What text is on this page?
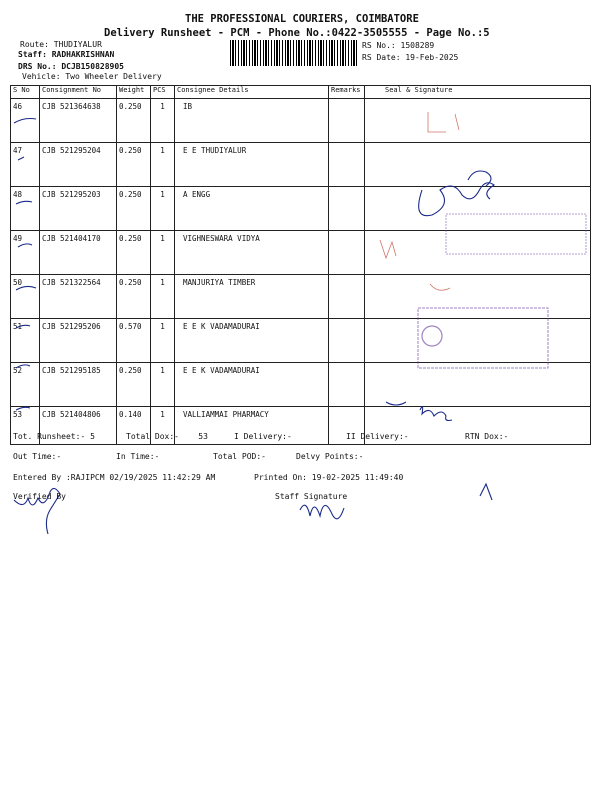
THE PROFESSIONAL COURIERS, COIMBATORE
Delivery Runsheet - PCM - Phone No.:0422-3505555 - Page No.:5
Route: THUDIYALUR
Staff: RADHAKRISHNAN
DRS No.: DCJB150828905
Vehicle: Two Wheeler Delivery
RS No.: 1508289
RS Date: 19-Feb-2025
S No	Consignment No	Weight	PCS	Consignee Details	Remarks	Seal & Signature
46	CJB 521364638	0.250	1	IB		
47	CJB 521295204	0.250	1	E E THUDIYALUR		
48	CJB 521295203	0.250	1	A ENGG		
49	CJB 521404170	0.250	1	VIGHNESWARA VIDYA		
50	CJB 521322564	0.250	1	MANJURIYA TIMBER		
51	CJB 521295206	0.570	1	E E K VADAMADURAI		
52	CJB 521295185	0.250	1	E E K VADAMADURAI		
53	CJB 521404806	0.140	1	VALLIAMMAI PHARMACY		
Tot. Runsheet:- 5	Total Dox:-    53	I Delivery:-	II Delivery:-	RTN Dox:-
Out Time:-	In Time:-	Total POD:-	Delvy Points:-
Entered By :RAJIPCM 02/19/2025 11:42:29 AM	Printed On: 19-02-2025 11:49:40
Verified By	Staff Signature
